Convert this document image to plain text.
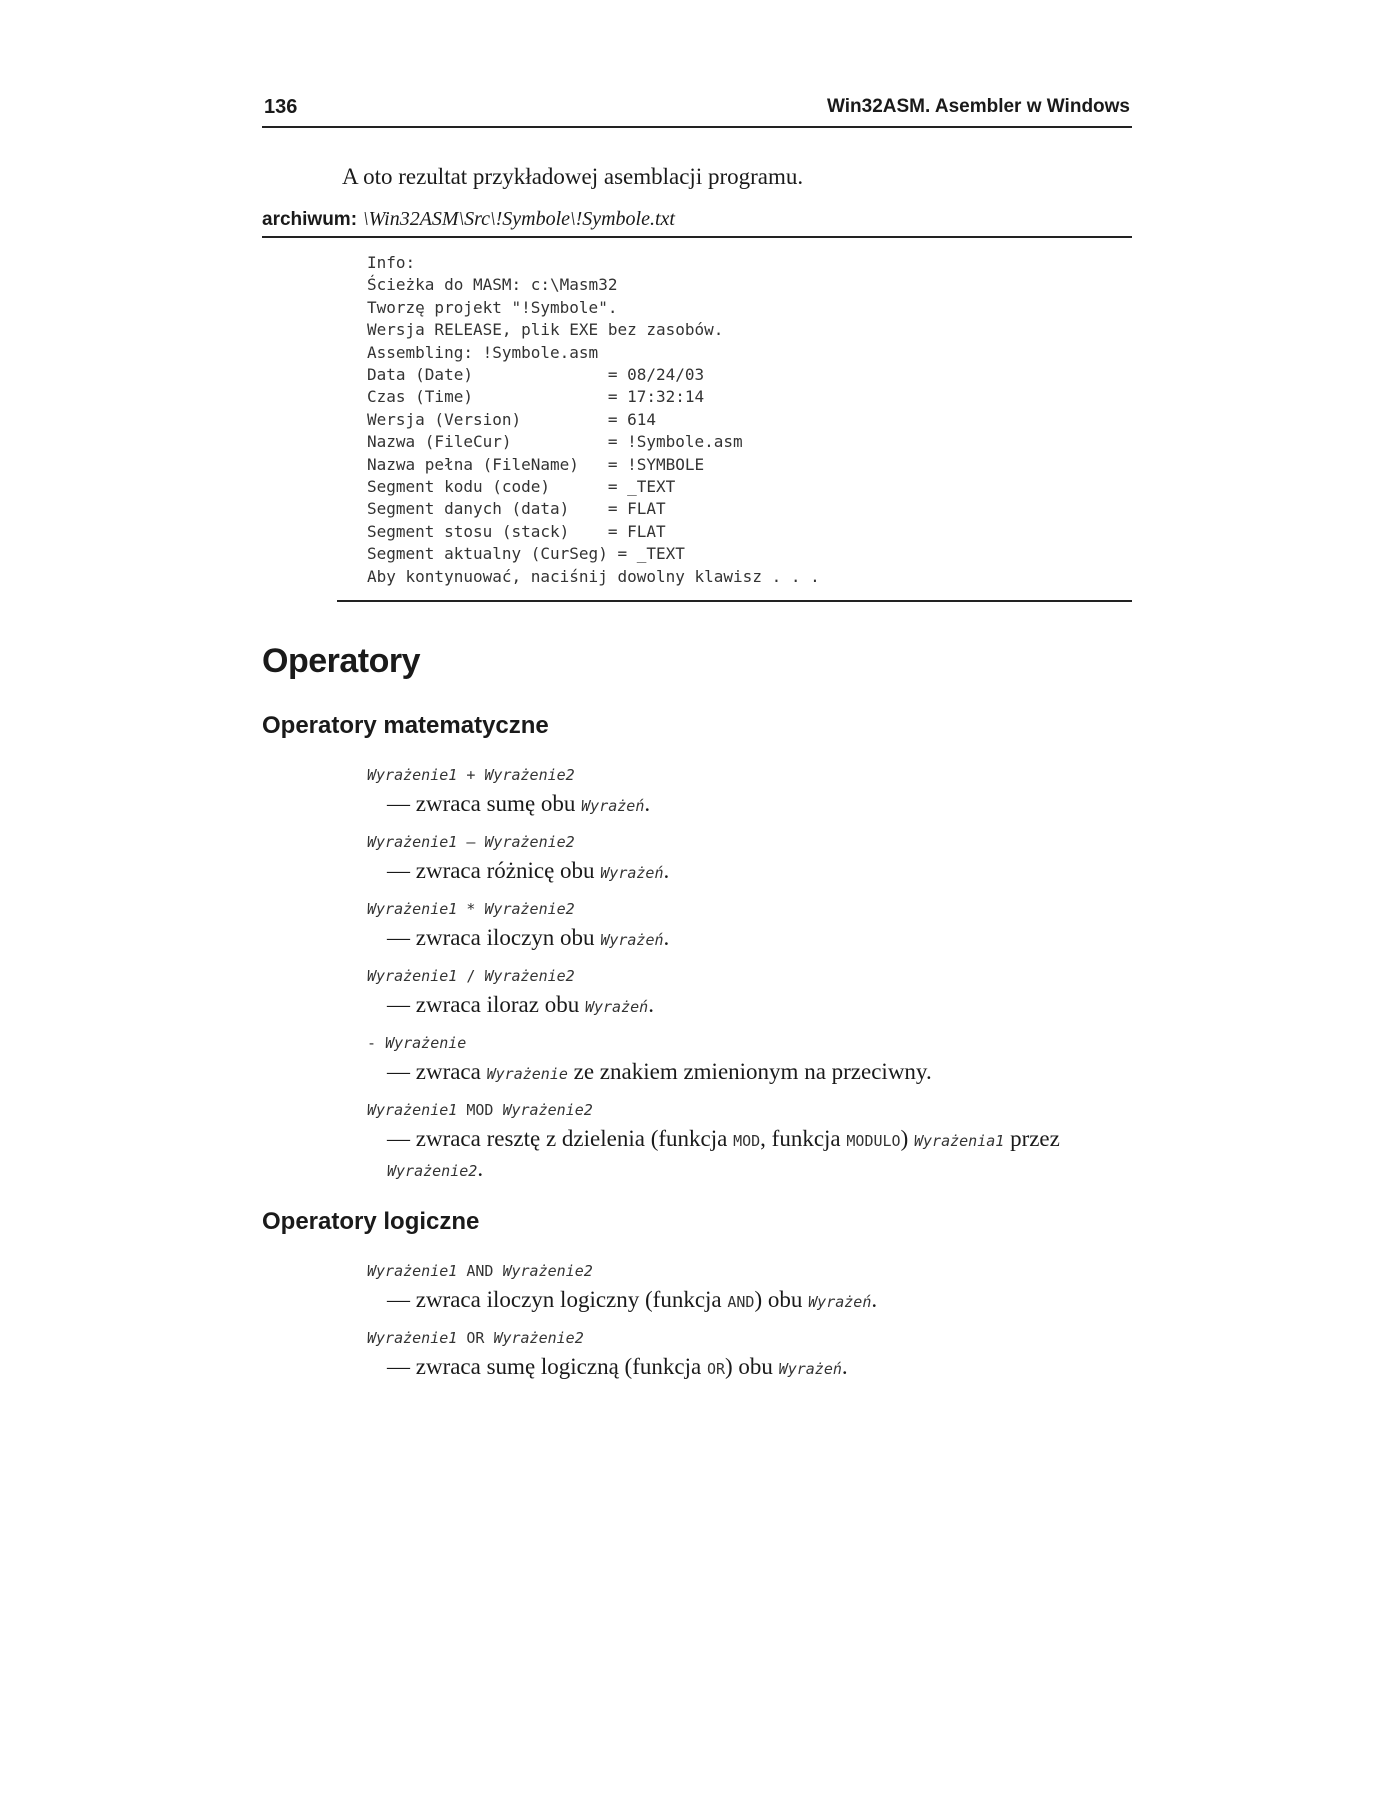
136	Win32ASM. Asembler w Windows
A oto rezultat przykładowej asemblacji programu.
archiwum: \Win32ASM\Src\!Symbole\!Symbole.txt
Info:
Ścieżka do MASM: c:\Masm32
Tworzę projekt "!Symbole".
Wersja RELEASE, plik EXE bez zasobów.
Assembling: !Symbole.asm
Data (Date)              = 08/24/03
Czas (Time)              = 17:32:14
Wersja (Version)         = 614
Nazwa (FileCur)          = !Symbole.asm
Nazwa pełna (FileName)   = !SYMBOLE
Segment kodu (code)      = _TEXT
Segment danych (data)    = FLAT
Segment stosu (stack)    = FLAT
Segment aktualny (CurSeg) = _TEXT
Aby kontynuować, naciśnij dowolny klawisz . . .
Operatory
Operatory matematyczne
Wyrażenie1 + Wyrażenie2
— zwraca sumę obu Wyrażeń.
Wyrażenie1 – Wyrażenie2
— zwraca różnicę obu Wyrażeń.
Wyrażenie1 * Wyrażenie2
— zwraca iloczyn obu Wyrażeń.
Wyrażenie1 / Wyrażenie2
— zwraca iloraz obu Wyrażeń.
- Wyrażenie
— zwraca Wyrażenie ze znakiem zmienionym na przeciwny.
Wyrażenie1 MOD Wyrażenie2
— zwraca resztę z dzielenia (funkcja MOD, funkcja MODULO) Wyrażenia1 przez Wyrażenie2.
Operatory logiczne
Wyrażenie1 AND Wyrażenie2
— zwraca iloczyn logiczny (funkcja AND) obu Wyrażeń.
Wyrażenie1 OR Wyrażenie2
— zwraca sumę logiczną (funkcja OR) obu Wyrażeń.
